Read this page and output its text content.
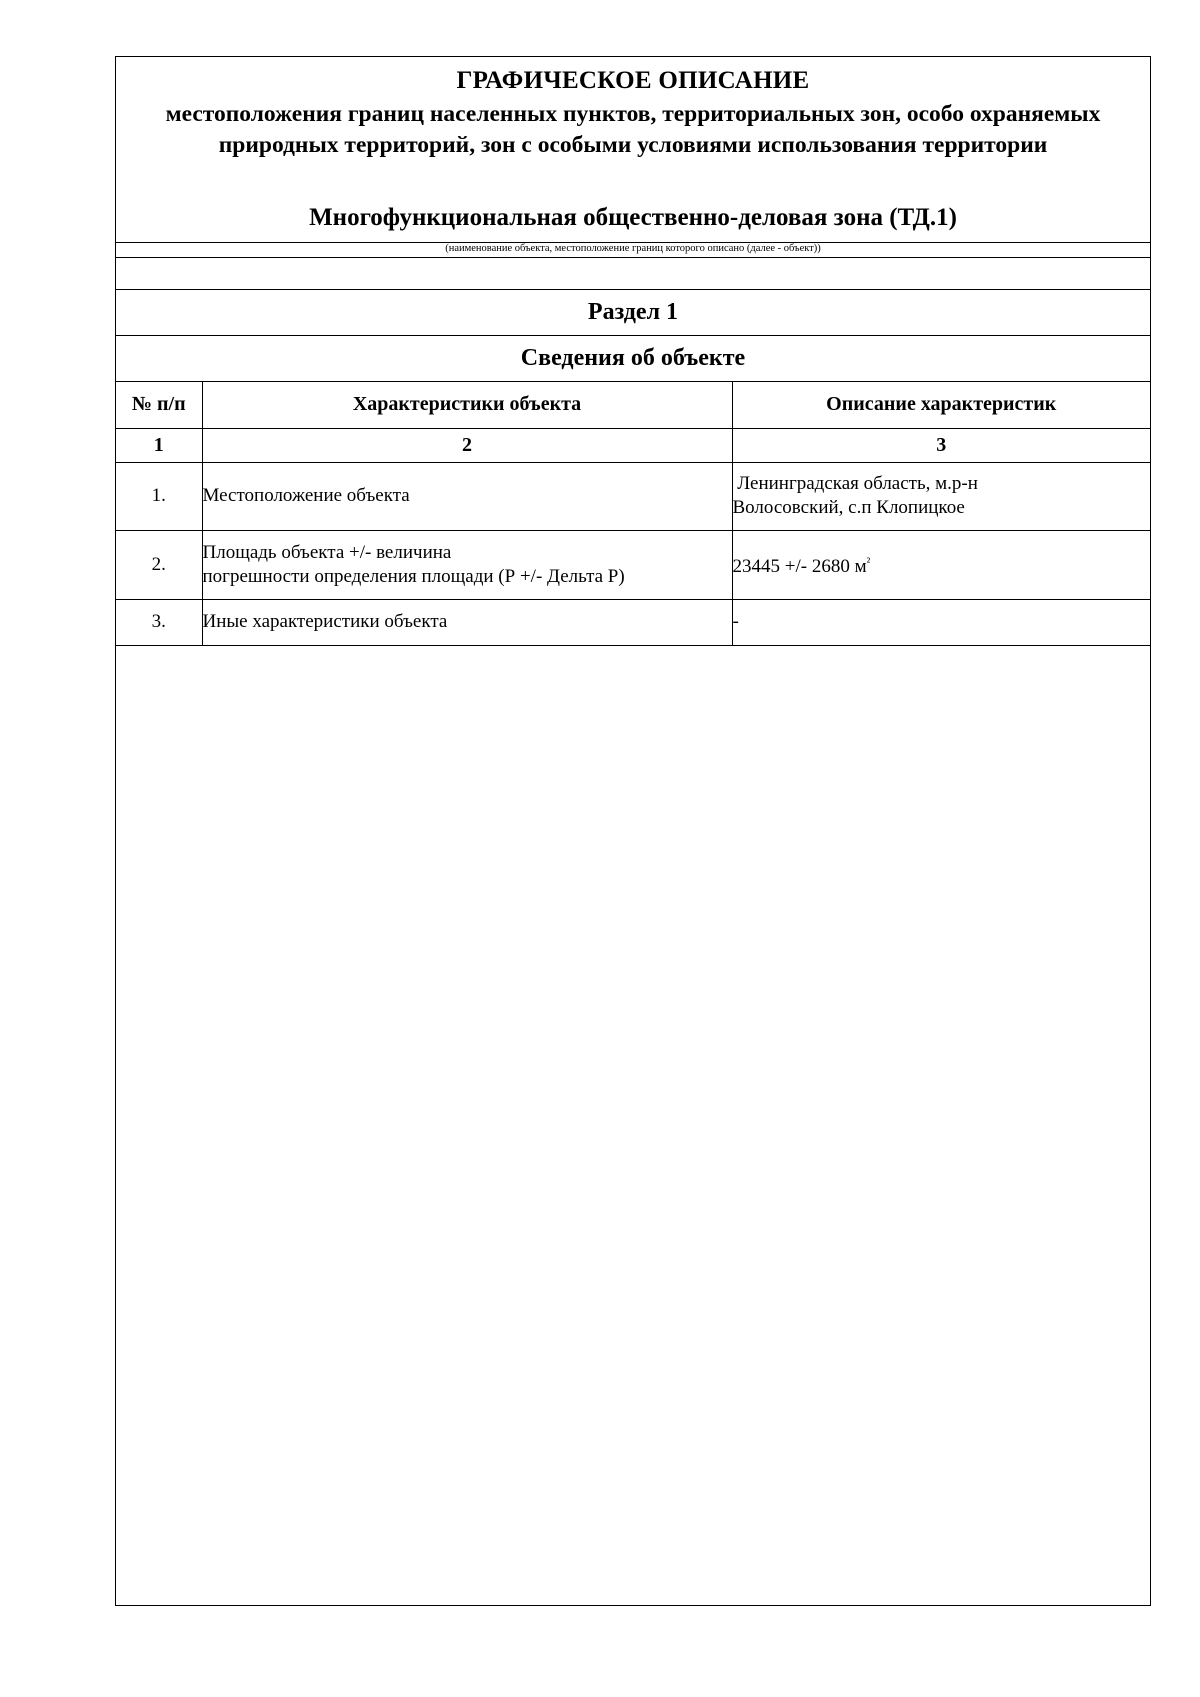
ГРАФИЧЕСКОЕ ОПИСАНИЕ
местоположения границ населенных пунктов, территориальных зон, особо охраняемых природных территорий, зон с особыми условиями использования территории
Многофункциональная общественно-деловая зона (ТД.1)
(наименование объекта, местоположение границ которого описано (далее - объект))
Раздел 1
Сведения об объекте
№ п/п	Характеристики объекта	Описание характеристик
1	2	3
1.	Местоположение объекта	Ленинградская область, м.р-н
Волосовский, с.п Клопицкое

2.	Площадь объекта +/- величина
погрешности определения площади (Р +/- Дельта Р)	23445 +/- 2680 $м^{^2}$
3.	Иные характеристики объекта	-
